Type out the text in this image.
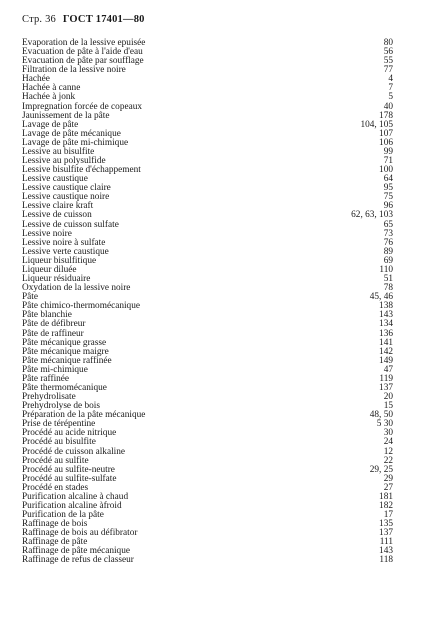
Стр. 36 ГОСТ 17401—80
Evaporation de la lessive epuisée	80
Evacuation de pâte à l'aide d'eau	56
Evacuation de pâte par soufflage	55
Filtration de la lessive noire	77
Hachée	4
Hachée à canne	7
Hachée à jonk	5
Impregnation forcée de copeaux	40
Jaunissement de la pâte	178
Lavage de pâte	104, 105
Lavage de pâte mécanique	107
Lavage de pâte mi-chimique	106
Lessive au bisulfite	99
Lessive au polysulfide	71
Lessive bisulfite d'échappement	100
Lessive caustique	64
Lessive caustique claire	95
Lessive caustique noire	75
Lessive claire kraft	96
Lessive de cuisson	62, 63, 103
Lessive de cuisson sulfate	65
Lessive noire	73
Lessive noire à sulfate	76
Lessive verte caustique	89
Liqueur bisulfitique	69
Liqueur diluée	110
Liqueur résiduaire	51
Oxydation de la lessive noire	78
Pâte	45, 46
Pâte chimico-thermomécanique	138
Pâte blanchie	143
Pâte de défibreur	134
Pâte de raffineur	136
Pâte mécanique grasse	141
Pâte mécanique maigre	142
Pâte mécanique raffinée	149
Pâte mi-chimique	47
Pâte raffinée	119
Pâte thermomécanique	137
Prehydrolisate	20
Prehydrolyse de bois	15
Préparation de la pâte mécanique	48, 50
Prise de térépentine	5 30
Procédé au acide nitrique	30
Procédé au bisulfite	24
Procédé de cuisson alkaline	12
Procédé au sulfite	22
Procédé au sulfite-neutre	29, 25
Procédé au sulfite-sulfate	29
Procédé en stades	27
Purification alcaline à chaud	181
Purification alcaline àfroid	182
Purification de la pâte	17
Raffinage de bois	135
Raffinage de bois au défibrator	137
Raffinage de pâte	111
Raffinage de pâte mécanique	143
Raffinage de refus de classeur	118
